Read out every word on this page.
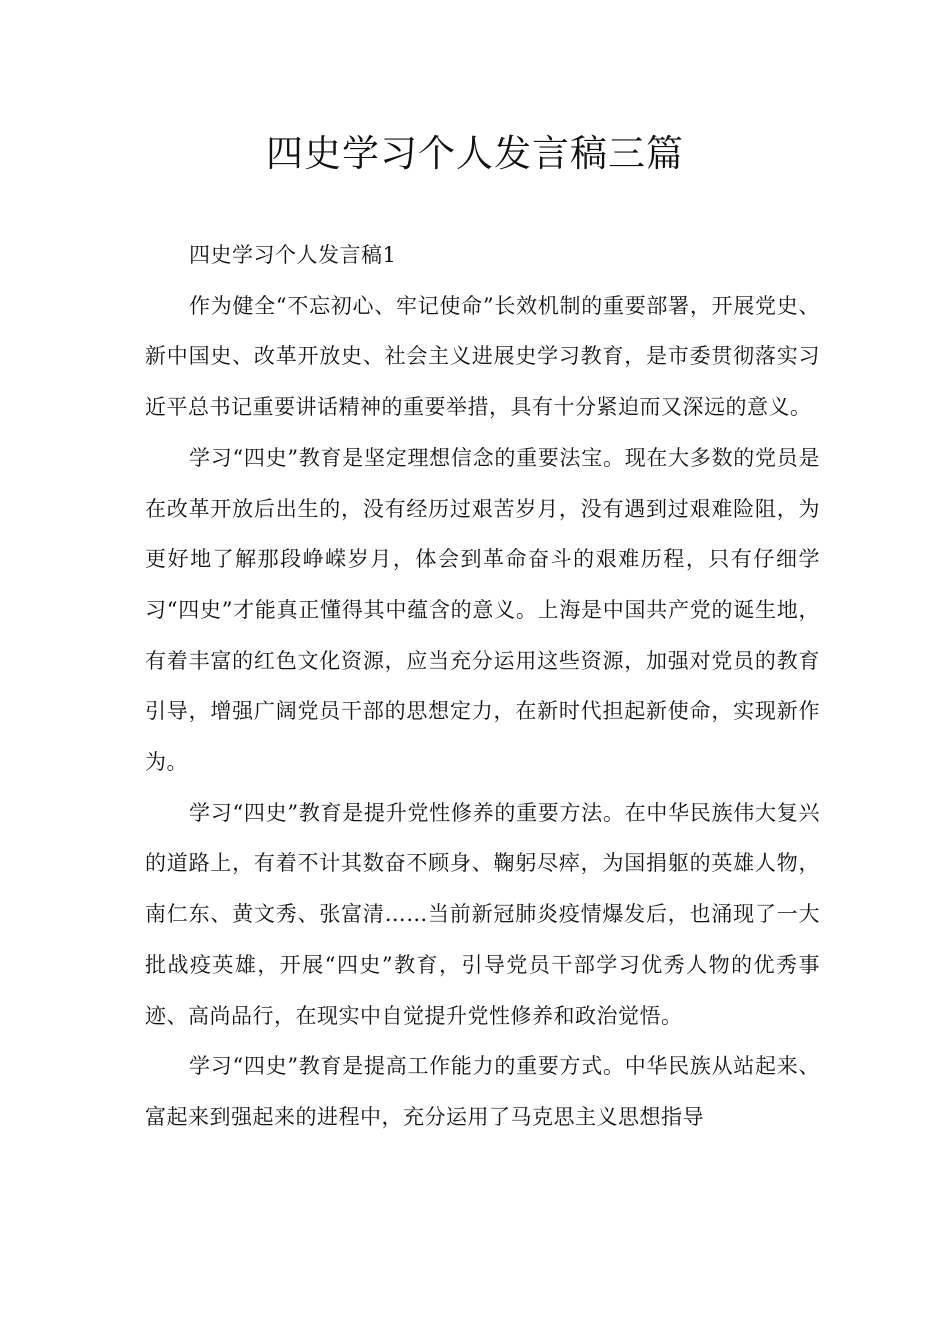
四史学习个人发言稿三篇

四史学习个人发言稿1

作为健全“不忘初心、牢记使命”长效机制的重要部署，开展党史、新中国史、改革开放史、社会主义进展史学习教育，是市委贯彻落实习近平总书记重要讲话精神的重要举措，具有十分紧迫而又深远的意义。

学习“四史”教育是坚定理想信念的重要法宝。现在大多数的党员是在改革开放后出生的，没有经历过艰苦岁月，没有遇到过艰难险阻，为更好地了解那段峥嵘岁月，体会到革命奋斗的艰难历程，只有仔细学习“四史”才能真正懂得其中蕴含的意义。上海是中国共产党的诞生地，有着丰富的红色文化资源，应当充分运用这些资源，加强对党员的教育引导，增强广阔党员干部的思想定力，在新时代担起新使命，实现新作为。

学习“四史”教育是提升党性修养的重要方法。在中华民族伟大复兴的道路上，有着不计其数奋不顾身、鞠躬尽瘁，为国捐躯的英雄人物，南仁东、黄文秀、张富清……当前新冠肺炎疫情爆发后，也涌现了一大批战疫英雄，开展“四史”教育，引导党员干部学习优秀人物的优秀事迹、高尚品行，在现实中自觉提升党性修养和政治觉悟。

学习“四史”教育是提高工作能力的重要方式。中华民族从站起来、富起来到强起来的进程中，充分运用了马克思主义思想指导
